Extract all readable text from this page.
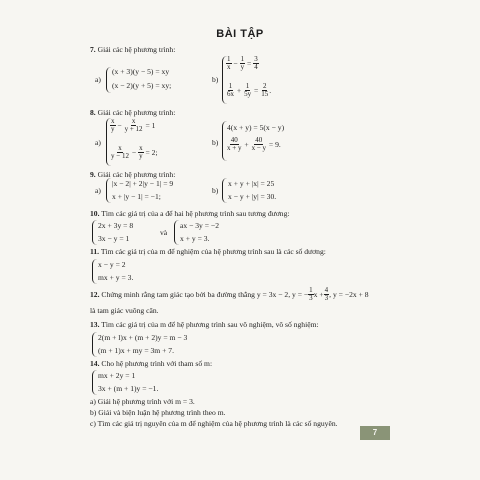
BÀI TẬP
7. Giải các hệ phương trình:
a)
(x + 3)(y − 5) = xy
(x − 2)(y + 5) = xy;
b)
$\frac{1}{x}$
−
$\frac{1}{y}$
=
$\frac{3}{4}$
$\frac{1}{6x}$
+
$\frac{1}{5y}$
=
$\frac{2}{15}$ .
8. Giải các hệ phương trình:
a)
$\frac{x}{y}$
−
$\frac{x}{y + 12}$
= 1
$\frac{x}{y - 12}$
−
$\frac{x}{y}$
= 2;
b)
4(x + y) = 5(x − y)
$\frac{40}{x + y}$
+
$\frac{40}{x - y}$
= 9.
9. Giải các hệ phương trình:
a)
|x − 2| + 2|y − 1| = 9
x + |y − 1| = −1;
b)
x + y + |x| = 25
x − y + |y| = 30.
10. Tìm các giá trị của a để hai hệ phương trình sau tương đương:
2x + 3y = 8
3x − y = 1
và
ax − 3y = −2
x + y = 3.
11. Tìm các giá trị của m để nghiệm của hệ phương trình sau là các số dương:
x − y = 2
mx + y = 3.
12.
Chứng minh rằng tam giác tạo bởi ba đường thẳng y = 3x − 2, y = − $\frac{1}{3}$ $x + \frac{4}{3}$ , y = −2x + 8
là tam giác vuông cân.
13. Tìm các giá trị của m để hệ phương trình sau vô nghiệm, vô số nghiệm:
2(m + l)x + (m + 2)y = m − 3
(m + 1)x + my = 3m + 7.
14. Cho hệ phương trình với tham số m:
mx + 2y = 1
3x + (m + 1)y = −1.
a) Giải hệ phương trình với m = 3.
b) Giải và biện luận hệ phương trình theo m.
c) Tìm các giá trị nguyên của m để nghiệm của hệ phương trình là các số nguyên.
7
